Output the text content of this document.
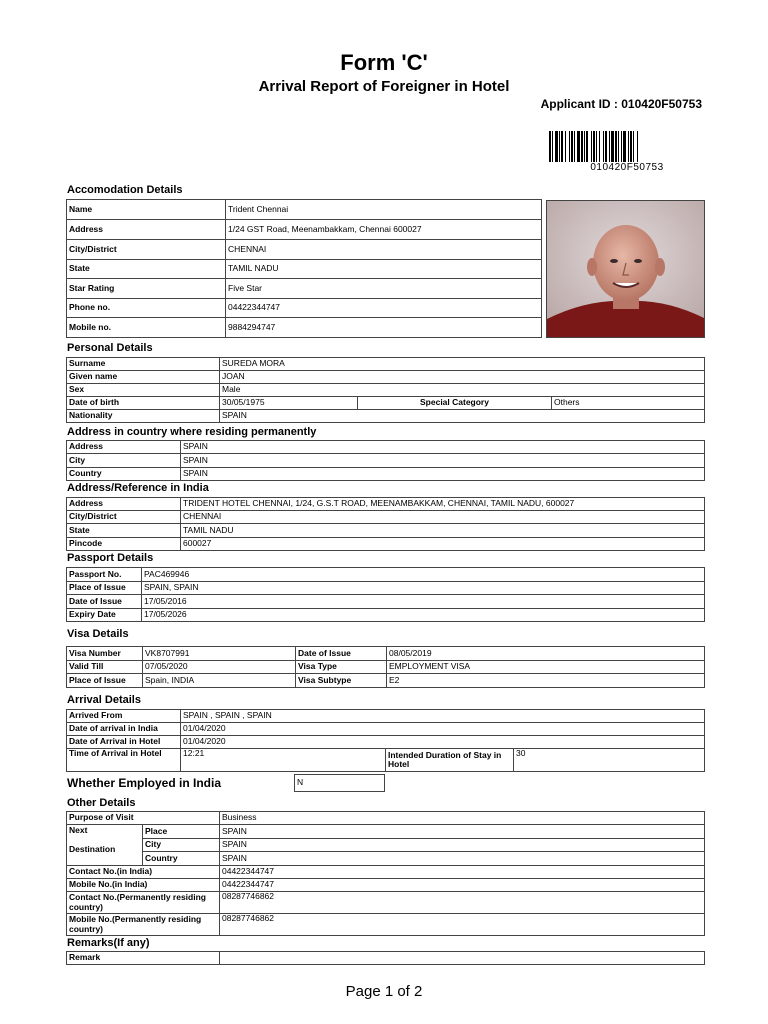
Form 'C'
Arrival Report of Foreigner in Hotel
Applicant ID : 010420F50753
010420F50753
Accomodation Details
Name	Trident Chennai
Address	1/24 GST Road, Meenambakkam, Chennai 600027
City/District	CHENNAI
State	TAMIL NADU
Star Rating	Five Star
Phone no.	04422344747
Mobile no.	9884294747
Personal Details
Surname	SUREDA MORA		
Given name	JOAN		
Sex	Male		
Date of birth	30/05/1975	Special Category	Others
Nationality	SPAIN		
Address in country where residing permanently
Address	SPAIN
City	SPAIN
Country	SPAIN
Address/Reference in India
Address	TRIDENT HOTEL CHENNAI, 1/24, G.S.T ROAD, MEENAMBAKKAM, CHENNAI, TAMIL NADU, 600027
City/District	CHENNAI
State	TAMIL NADU
Pincode	600027
Passport Details
Passport No.	PAC469946
Place of Issue	SPAIN, SPAIN
Date of Issue	17/05/2016
Expiry Date	17/05/2026
Visa Details
Visa Number	VK8707991	Date of Issue	08/05/2019
Valid Till	07/05/2020	Visa Type	EMPLOYMENT VISA
Place of Issue	Spain, INDIA	Visa Subtype	E2
Arrival Details
Arrived From	SPAIN , SPAIN , SPAIN		
Date of arrival in India	01/04/2020		
Date of Arrival in Hotel	01/04/2020		
Time of Arrival in Hotel	12:21	Intended Duration of Stay in Hotel	30
Whether Employed in India	N
Other Details
Purpose of Visit		Business
Next

Destination	Place	SPAIN
	City	SPAIN
	Country	SPAIN
Contact No.(in India)		04422344747
Mobile No.(in India)		04422344747
Contact No.(Permanently residing country)		08287746862
Mobile No.(Permanently residing country)		08287746862
Remarks(If any)
Remark	
Page 1 of 2
